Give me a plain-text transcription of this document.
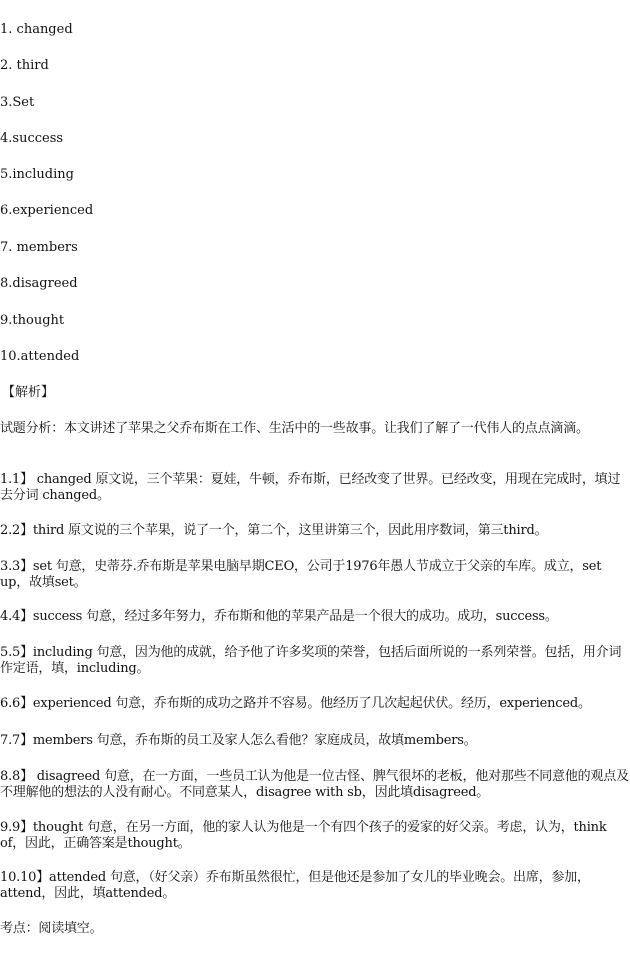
1. changed
2. third
3.Set
4.success
5.including
6.experienced
7. members
8.disagreed
9.thought
10.attended
【解析】
试题分析：本文讲述了苹果之父乔布斯在工作、生活中的一些故事。让我们了解了一代伟人的点点滴滴。
1.1】 changed 原文说，三个苹果：夏娃，牛顿，乔布斯，已经改变了世界。已经改变，用现在完成时，填过去分词 changed。
2.2】third 原文说的三个苹果，说了一个，第二个，这里讲第三个，因此用序数词，第三third。
3.3】set 句意，史蒂芬.乔布斯是苹果电脑早期CEO，公司于1976年愚人节成立于父亲的车库。成立，set up，故填set。
4.4】success 句意，经过多年努力，乔布斯和他的苹果产品是一个很大的成功。成功，success。
5.5】including 句意，因为他的成就，给予他了许多奖项的荣誉，包括后面所说的一系列荣誉。包括，用介词作定语，填，including。
6.6】experienced 句意，乔布斯的成功之路并不容易。他经历了几次起起伏伏。经历，experienced。
7.7】members 句意，乔布斯的员工及家人怎么看他？家庭成员，故填members。
8.8】 disagreed 句意，在一方面，一些员工认为他是一位古怪、脾气很坏的老板，他对那些不同意他的观点及不理解他的想法的人没有耐心。不同意某人，disagree with sb，因此填disagreed。
9.9】thought 句意，在另一方面，他的家人认为他是一个有四个孩子的爱家的好父亲。考虑，认为，think of，因此，正确答案是thought。
10.10】attended 句意，（好父亲）乔布斯虽然很忙，但是他还是参加了女儿的毕业晚会。出席，参加，attend，因此，填attended。
考点：阅读填空。
